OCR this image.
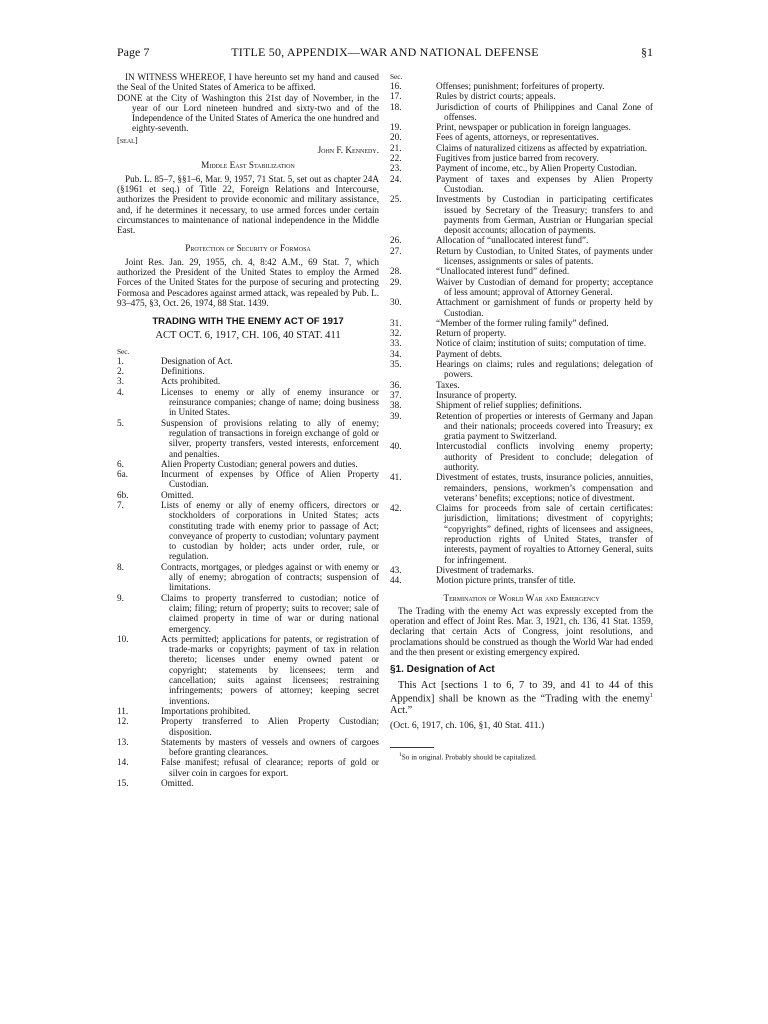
Page 7	TITLE 50, APPENDIX—WAR AND NATIONAL DEFENSE	§1

IN WITNESS WHEREOF, I have hereunto set my hand and caused the Seal of the United States of America to be affixed.

DONE at the City of Washington this 21st day of November, in the year of our Lord nineteen hundred and sixty-two and of the Independence of the United States of America the one hundred and eighty-seventh.

[seal]
John F. Kennedy.
Middle East Stabilization

Pub. L. 85–7, §§1–6, Mar. 9, 1957, 71 Stat. 5, set out as chapter 24A (§1961 et seq.) of Title 22, Foreign Relations and Intercourse, authorizes the President to provide economic and military assistance, and, if he determines it necessary, to use armed forces under certain circumstances to maintenance of national independence in the Middle East.

Protection of Security of Formosa

Joint Res. Jan. 29, 1955, ch. 4, 8:42 A.M., 69 Stat. 7, which authorized the President of the United States to employ the Armed Forces of the United States for the purpose of securing and protecting Formosa and Pescadores against armed attack, was repealed by Pub. L. 93–475, §3, Oct. 26, 1974, 88 Stat. 1439.

TRADING WITH THE ENEMY ACT OF 1917
ACT OCT. 6, 1917, CH. 106, 40 STAT. 411
Sec.
1.	Designation of Act.
2.	Definitions.
3.	Acts prohibited.
4.	Licenses to enemy or ally of enemy insurance or reinsurance companies; change of name; doing business in United States.
5.	Suspension of provisions relating to ally of enemy; regulation of transactions in foreign exchange of gold or silver, property transfers, vested interests, enforcement and penalties.
6.	Alien Property Custodian; general powers and duties.
6a.	Incurment of expenses by Office of Alien Property Custodian.
6b.	Omitted.
7.	Lists of enemy or ally of enemy officers, directors or stockholders of corporations in United States; acts constituting trade with enemy prior to passage of Act; conveyance of property to custodian; voluntary payment to custodian by holder; acts under order, rule, or regulation.
8.	Contracts, mortgages, or pledges against or with enemy or ally of enemy; abrogation of contracts; suspension of limitations.
9.	Claims to property transferred to custodian; notice of claim; filing; return of property; suits to recover; sale of claimed property in time of war or during national emergency.
10.	Acts permitted; applications for patents, or registration of trade-marks or copyrights; payment of tax in relation thereto; licenses under enemy owned patent or copyright; statements by licensees; term and cancellation; suits against licensees; restraining infringements; powers of attorney; keeping secret inventions.
11.	Importations prohibited.
12.	Property transferred to Alien Property Custodian; disposition.
13.	Statements by masters of vessels and owners of cargoes before granting clearances.
14.	False manifest; refusal of clearance; reports of gold or silver coin in cargoes for export.
15.	Omitted.
Sec.
16.	Offenses; punishment; forfeitures of property.
17.	Rules by district courts; appeals.
18.	Jurisdiction of courts of Philippines and Canal Zone of offenses.
19.	Print, newspaper or publication in foreign languages.
20.	Fees of agents, attorneys, or representatives.
21.	Claims of naturalized citizens as affected by expatriation.
22.	Fugitives from justice barred from recovery.
23.	Payment of income, etc., by Alien Property Custodian.
24.	Payment of taxes and expenses by Alien Property Custodian.
25.	Investments by Custodian in participating certificates issued by Secretary of the Treasury; transfers to and payments from German, Austrian or Hungarian special deposit accounts; allocation of payments.
26.	Allocation of “unallocated interest fund”.
27.	Return by Custodian, to United States, of payments under licenses, assignments or sales of patents.
28.	“Unallocated interest fund” defined.
29.	Waiver by Custodian of demand for property; acceptance of less amount; approval of Attorney General.
30.	Attachment or garnishment of funds or property held by Custodian.
31.	“Member of the former ruling family” defined.
32.	Return of property.
33.	Notice of claim; institution of suits; computation of time.
34.	Payment of debts.
35.	Hearings on claims; rules and regulations; delegation of powers.
36.	Taxes.
37.	Insurance of property.
38.	Shipment of relief supplies; definitions.
39.	Retention of properties or interests of Germany and Japan and their nationals; proceeds covered into Treasury; ex gratia payment to Switzerland.
40.	Intercustodial conflicts involving enemy property; authority of President to conclude; delegation of authority.
41.	Divestment of estates, trusts, insurance policies, annuities, remainders, pensions, workmen’s compensation and veterans’ benefits; exceptions; notice of divestment.
42.	Claims for proceeds from sale of certain certificates: jurisdiction, limitations; divestment of copyrights; “copyrights” defined, rights of licensees and assignees, reproduction rights of United States, transfer of interests, payment of royalties to Attorney General, suits for infringement.
43.	Divestment of trademarks.
44.	Motion picture prints, transfer of title.
Termination of World War and Emergency

The Trading with the enemy Act was expressly excepted from the operation and effect of Joint Res. Mar. 3, 1921, ch. 136, 41 Stat. 1359, declaring that certain Acts of Congress, joint resolutions, and proclamations should be construed as though the World War had ended and the then present or existing emergency expired.

§1. Designation of Act

This Act [sections 1 to 6, 7 to 39, and 41 to 44 of this Appendix] shall be known as the “Trading with the enemy$^1$ Act.”

(Oct. 6, 1917, ch. 106, §1, 40 Stat. 411.)

$^1$So in original. Probably should be capitalized.
